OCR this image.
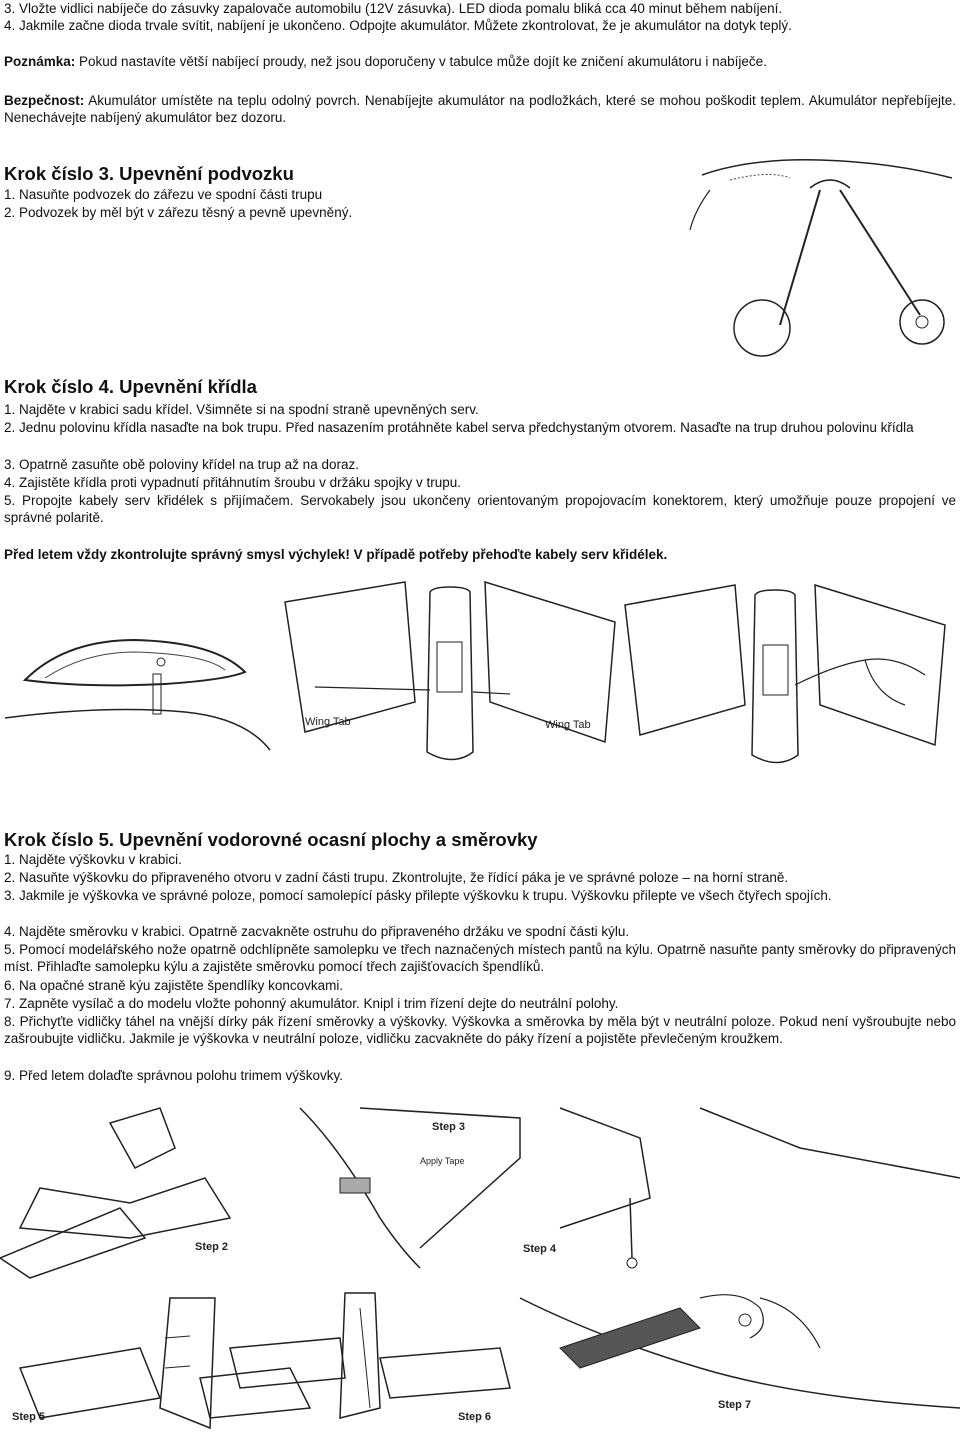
3. Vložte vidlici nabíječe do zásuvky zapalovače automobilu (12V zásuvka). LED dioda pomalu bliká cca 40 minut během nabíjení.

4. Jakmile začne dioda trvale svítit, nabíjení je ukončeno. Odpojte akumulátor. Můžete zkontrolovat, že je akumulátor na dotyk teplý.

Poznámka: Pokud nastavíte větší nabíjecí proudy, než jsou doporučeny v tabulce může dojít ke zničení akumulátoru i nabíječe.

Bezpečnost: Akumulátor umístěte na teplu odolný povrch. Nenabíjejte akumulátor na podložkách, které se mohou poškodit teplem. Akumulátor nepřebíjejte. Nenechávejte nabíjený akumulátor bez dozoru.

Krok číslo 3. Upevnění podvozku

1. Nasuňte podvozek do zářezu ve spodní části trupu

2. Podvozek by měl být v zářezu těsný a pevně upevněný.

Krok číslo 4. Upevnění křídla

1. Najděte v krabici sadu křídel. Všimněte si na spodní straně upevněných serv.

2. Jednu polovinu křídla nasaďte na bok trupu. Před nasazením protáhněte kabel serva předchystaným otvorem. Nasaďte na trup druhou polovinu křídla

3. Opatrně zasuňte obě poloviny křídel na trup až na doraz.

4. Zajistěte křídla proti vypadnutí přitáhnutím šroubu v držáku spojky v trupu.

5. Propojte kabely serv křidélek s přijímačem. Servokabely jsou ukončeny orientovaným propojovacím konektorem, který umožňuje pouze propojení ve správné polaritě.

Před letem vždy zkontrolujte správný smysl výchylek! V případě potřeby přehoďte kabely serv křidélek.

Wing Tab	Wing Tab
Krok číslo 5. Upevnění vodorovné ocasní plochy a směrovky

1. Najděte výškovku v krabici.

2. Nasuňte výškovku do připraveného otvoru v zadní části trupu. Zkontrolujte, že řídící páka je ve správné poloze – na horní straně.

3. Jakmile je výškovka ve správné poloze, pomocí samolepící pásky přilepte výškovku k trupu. Výškovku přilepte ve všech čtyřech spojích.

4. Najděte směrovku v krabici. Opatrně zacvakněte ostruhu do připraveného držáku ve spodní části kýlu.

5. Pomocí modelářského nože opatrně odchlípněte samolepku ve třech naznačených místech pantů na kýlu. Opatrně nasuňte panty směrovky do připravených míst. Přihlaďte samolepku kýlu a zajistěte směrovku pomocí třech zajišťovacích špendlíků.

6. Na opačné straně kýu zajistěte špendlíky koncovkami.

7. Zapněte vysílač a do modelu vložte pohonný akumulátor. Knipl i trim řízení dejte do neutrální polohy.

8. Přichyťte vidličky táhel na vnější dírky pák řízení směrovky a výškovky. Výškovka a směrovka by měla být v neutrální poloze. Pokud není vyšroubujte nebo zašroubujte vidličku. Jakmile je výškovka v neutrální poloze, vidličku zacvakněte do páky řízení a pojistěte převlečeným kroužkem.

9. Před letem dolaďte správnou polohu trimem výškovky.

Step 2
Step 3
Apply Tape
Step 4
Step 5	Step 6
Step 7
